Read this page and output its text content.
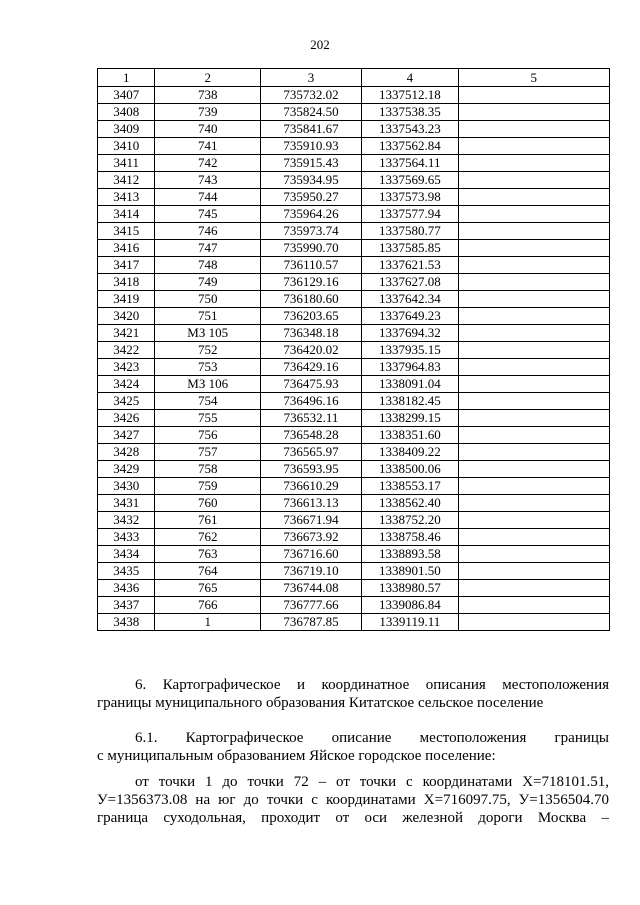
202
1	2	3	4	5
3407	738	735732.02	1337512.18	
3408	739	735824.50	1337538.35	
3409	740	735841.67	1337543.23	
3410	741	735910.93	1337562.84	
3411	742	735915.43	1337564.11	
3412	743	735934.95	1337569.65	
3413	744	735950.27	1337573.98	
3414	745	735964.26	1337577.94	
3415	746	735973.74	1337580.77	
3416	747	735990.70	1337585.85	
3417	748	736110.57	1337621.53	
3418	749	736129.16	1337627.08	
3419	750	736180.60	1337642.34	
3420	751	736203.65	1337649.23	
3421	МЗ 105	736348.18	1337694.32	
3422	752	736420.02	1337935.15	
3423	753	736429.16	1337964.83	
3424	МЗ 106	736475.93	1338091.04	
3425	754	736496.16	1338182.45	
3426	755	736532.11	1338299.15	
3427	756	736548.28	1338351.60	
3428	757	736565.97	1338409.22	
3429	758	736593.95	1338500.06	
3430	759	736610.29	1338553.17	
3431	760	736613.13	1338562.40	
3432	761	736671.94	1338752.20	
3433	762	736673.92	1338758.46	
3434	763	736716.60	1338893.58	
3435	764	736719.10	1338901.50	
3436	765	736744.08	1338980.57	
3437	766	736777.66	1339086.84	
3438	1	736787.85	1339119.11	
6. Картографическое и координатное описания местоположения
границы муниципального образования Китатское сельское поселение
6.1. Картографическое описание местоположения границы
с муниципальным образованием Яйское городское поселение:
от точки 1 до точки 72 – от точки с координатами Х=718101.51,
У=1356373.08 на юг до точки с координатами Х=716097.75, У=1356504.70
граница суходольная, проходит от оси железной дороги Москва –
